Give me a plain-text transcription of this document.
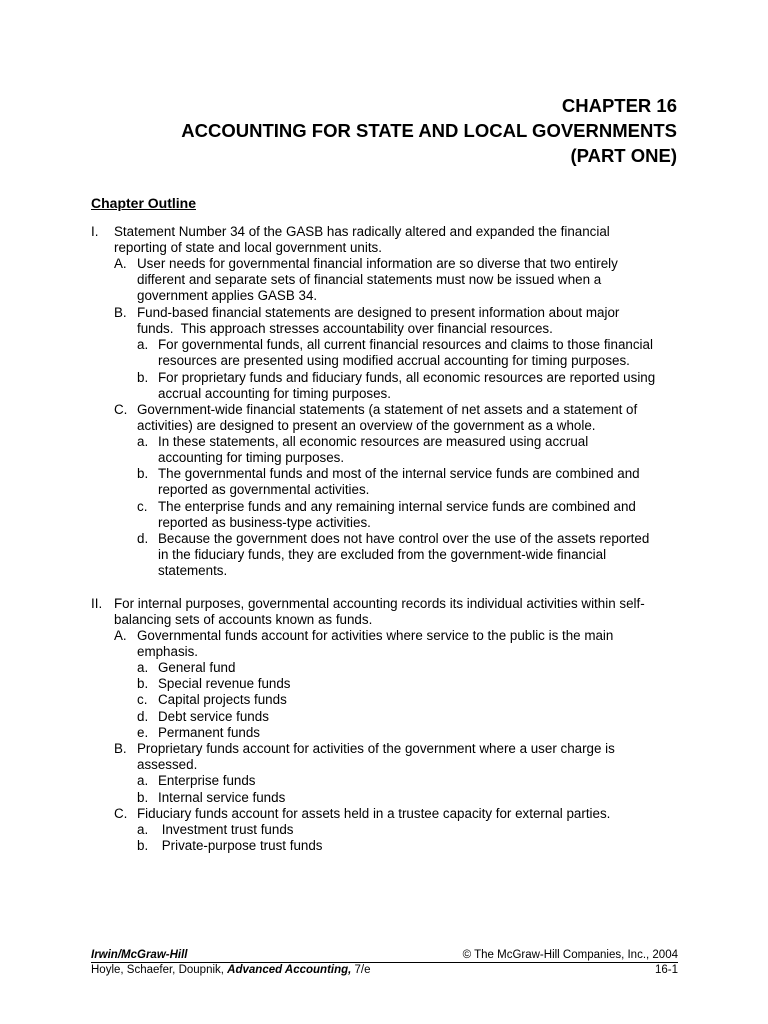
CHAPTER 16
ACCOUNTING FOR STATE AND LOCAL GOVERNMENTS
(PART ONE)
Chapter Outline
I. Statement Number 34 of the GASB has radically altered and expanded the financial
reporting of state and local government units.
A. User needs for governmental financial information are so diverse that two entirely
different and separate sets of financial statements must now be issued when a
government applies GASB 34.
B. Fund-based financial statements are designed to present information about major
funds.  This approach stresses accountability over financial resources.
a. For governmental funds, all current financial resources and claims to those financial
resources are presented using modified accrual accounting for timing purposes.
b. For proprietary funds and fiduciary funds, all economic resources are reported using
accrual accounting for timing purposes.
C. Government-wide financial statements (a statement of net assets and a statement of
activities) are designed to present an overview of the government as a whole.
a. In these statements, all economic resources are measured using accrual
accounting for timing purposes.
b. The governmental funds and most of the internal service funds are combined and
reported as governmental activities.
c. The enterprise funds and any remaining internal service funds are combined and
reported as business-type activities.
d. Because the government does not have control over the use of the assets reported
in the fiduciary funds, they are excluded from the government-wide financial
statements.
II. For internal purposes, governmental accounting records its individual activities within self-
balancing sets of accounts known as funds.
A. Governmental funds account for activities where service to the public is the main
emphasis.
a. General fund
b. Special revenue funds
c. Capital projects funds
d. Debt service funds
e. Permanent funds
B. Proprietary funds account for activities of the government where a user charge is
assessed.
a. Enterprise funds
b. Internal service funds
C. Fiduciary funds account for assets held in a trustee capacity for external parties.
a. Investment trust funds
b. Private-purpose trust funds
Irwin/McGraw-Hill	© The McGraw-Hill Companies, Inc., 2004
Hoyle, Schaefer, Doupnik, Advanced Accounting, 7/e	16-1
